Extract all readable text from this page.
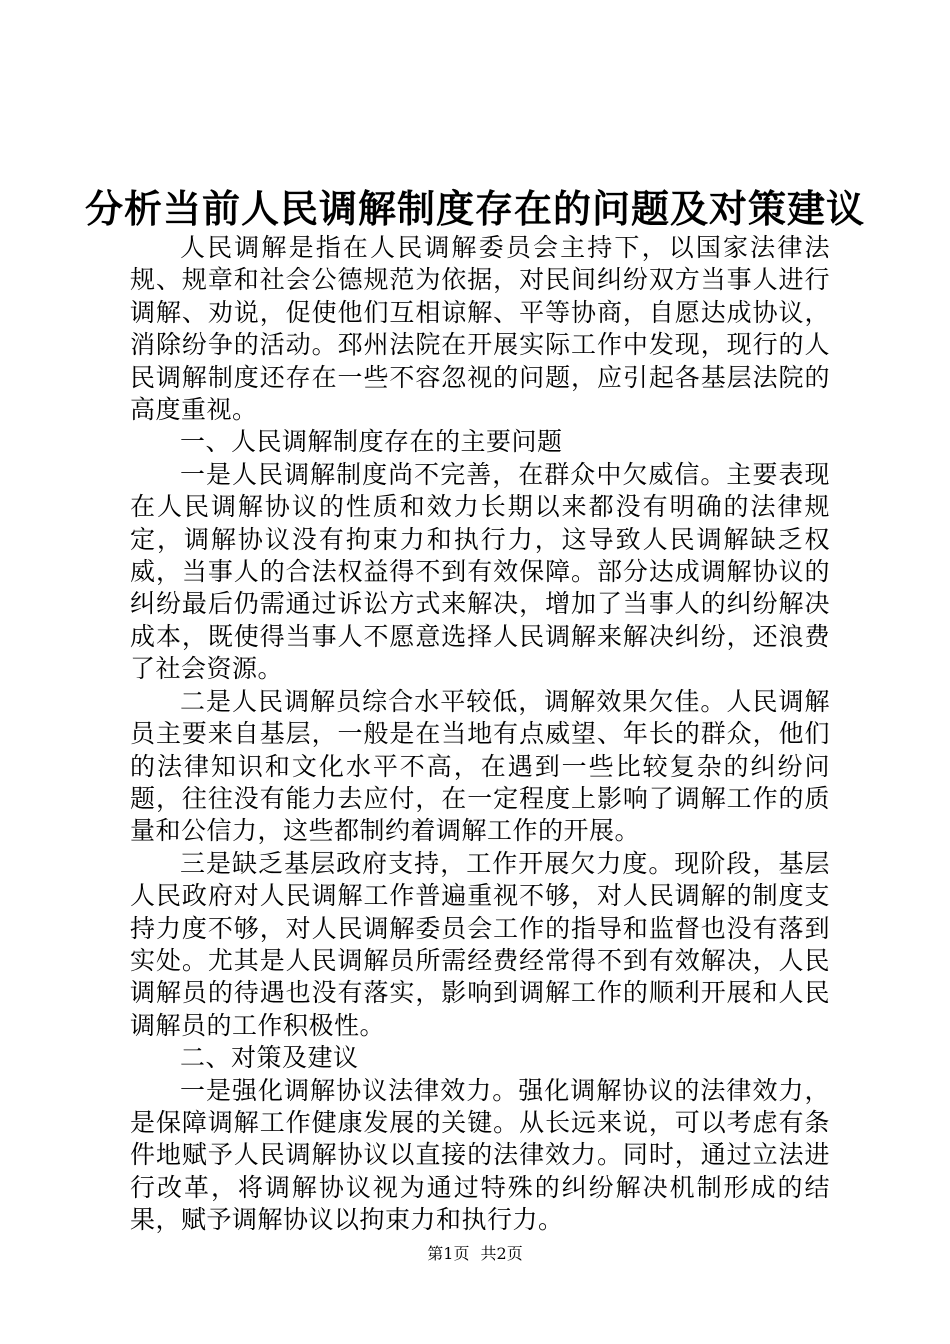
分析当前人民调解制度存在的问题及对策建议

人民调解是指在人民调解委员会主持下，以国家法律法规、规章和社会公德规范为依据，对民间纠纷双方当事人进行调解、劝说，促使他们互相谅解、平等协商，自愿达成协议，消除纷争的活动。邳州法院在开展实际工作中发现，现行的人民调解制度还存在一些不容忽视的问题，应引起各基层法院的高度重视。

一、人民调解制度存在的主要问题

一是人民调解制度尚不完善，在群众中欠威信。主要表现在人民调解协议的性质和效力长期以来都没有明确的法律规定，调解协议没有拘束力和执行力，这导致人民调解缺乏权威，当事人的合法权益得不到有效保障。部分达成调解协议的纠纷最后仍需通过诉讼方式来解决，增加了当事人的纠纷解决成本，既使得当事人不愿意选择人民调解来解决纠纷，还浪费了社会资源。

二是人民调解员综合水平较低，调解效果欠佳。人民调解员主要来自基层，一般是在当地有点威望、年长的群众，他们的法律知识和文化水平不高，在遇到一些比较复杂的纠纷问题，往往没有能力去应付，在一定程度上影响了调解工作的质量和公信力，这些都制约着调解工作的开展。

三是缺乏基层政府支持，工作开展欠力度。现阶段，基层人民政府对人民调解工作普遍重视不够，对人民调解的制度支持力度不够，对人民调解委员会工作的指导和监督也没有落到实处。尤其是人民调解员所需经费经常得不到有效解决，人民调解员的待遇也没有落实，影响到调解工作的顺利开展和人民调解员的工作积极性。

二、对策及建议

一是强化调解协议法律效力。强化调解协议的法律效力，是保障调解工作健康发展的关键。从长远来说，可以考虑有条件地赋予人民调解协议以直接的法律效力。同时，通过立法进行改革，将调解协议视为通过特殊的纠纷解决机制形成的结果，赋予调解协议以拘束力和执行力。

第1页 共2页
